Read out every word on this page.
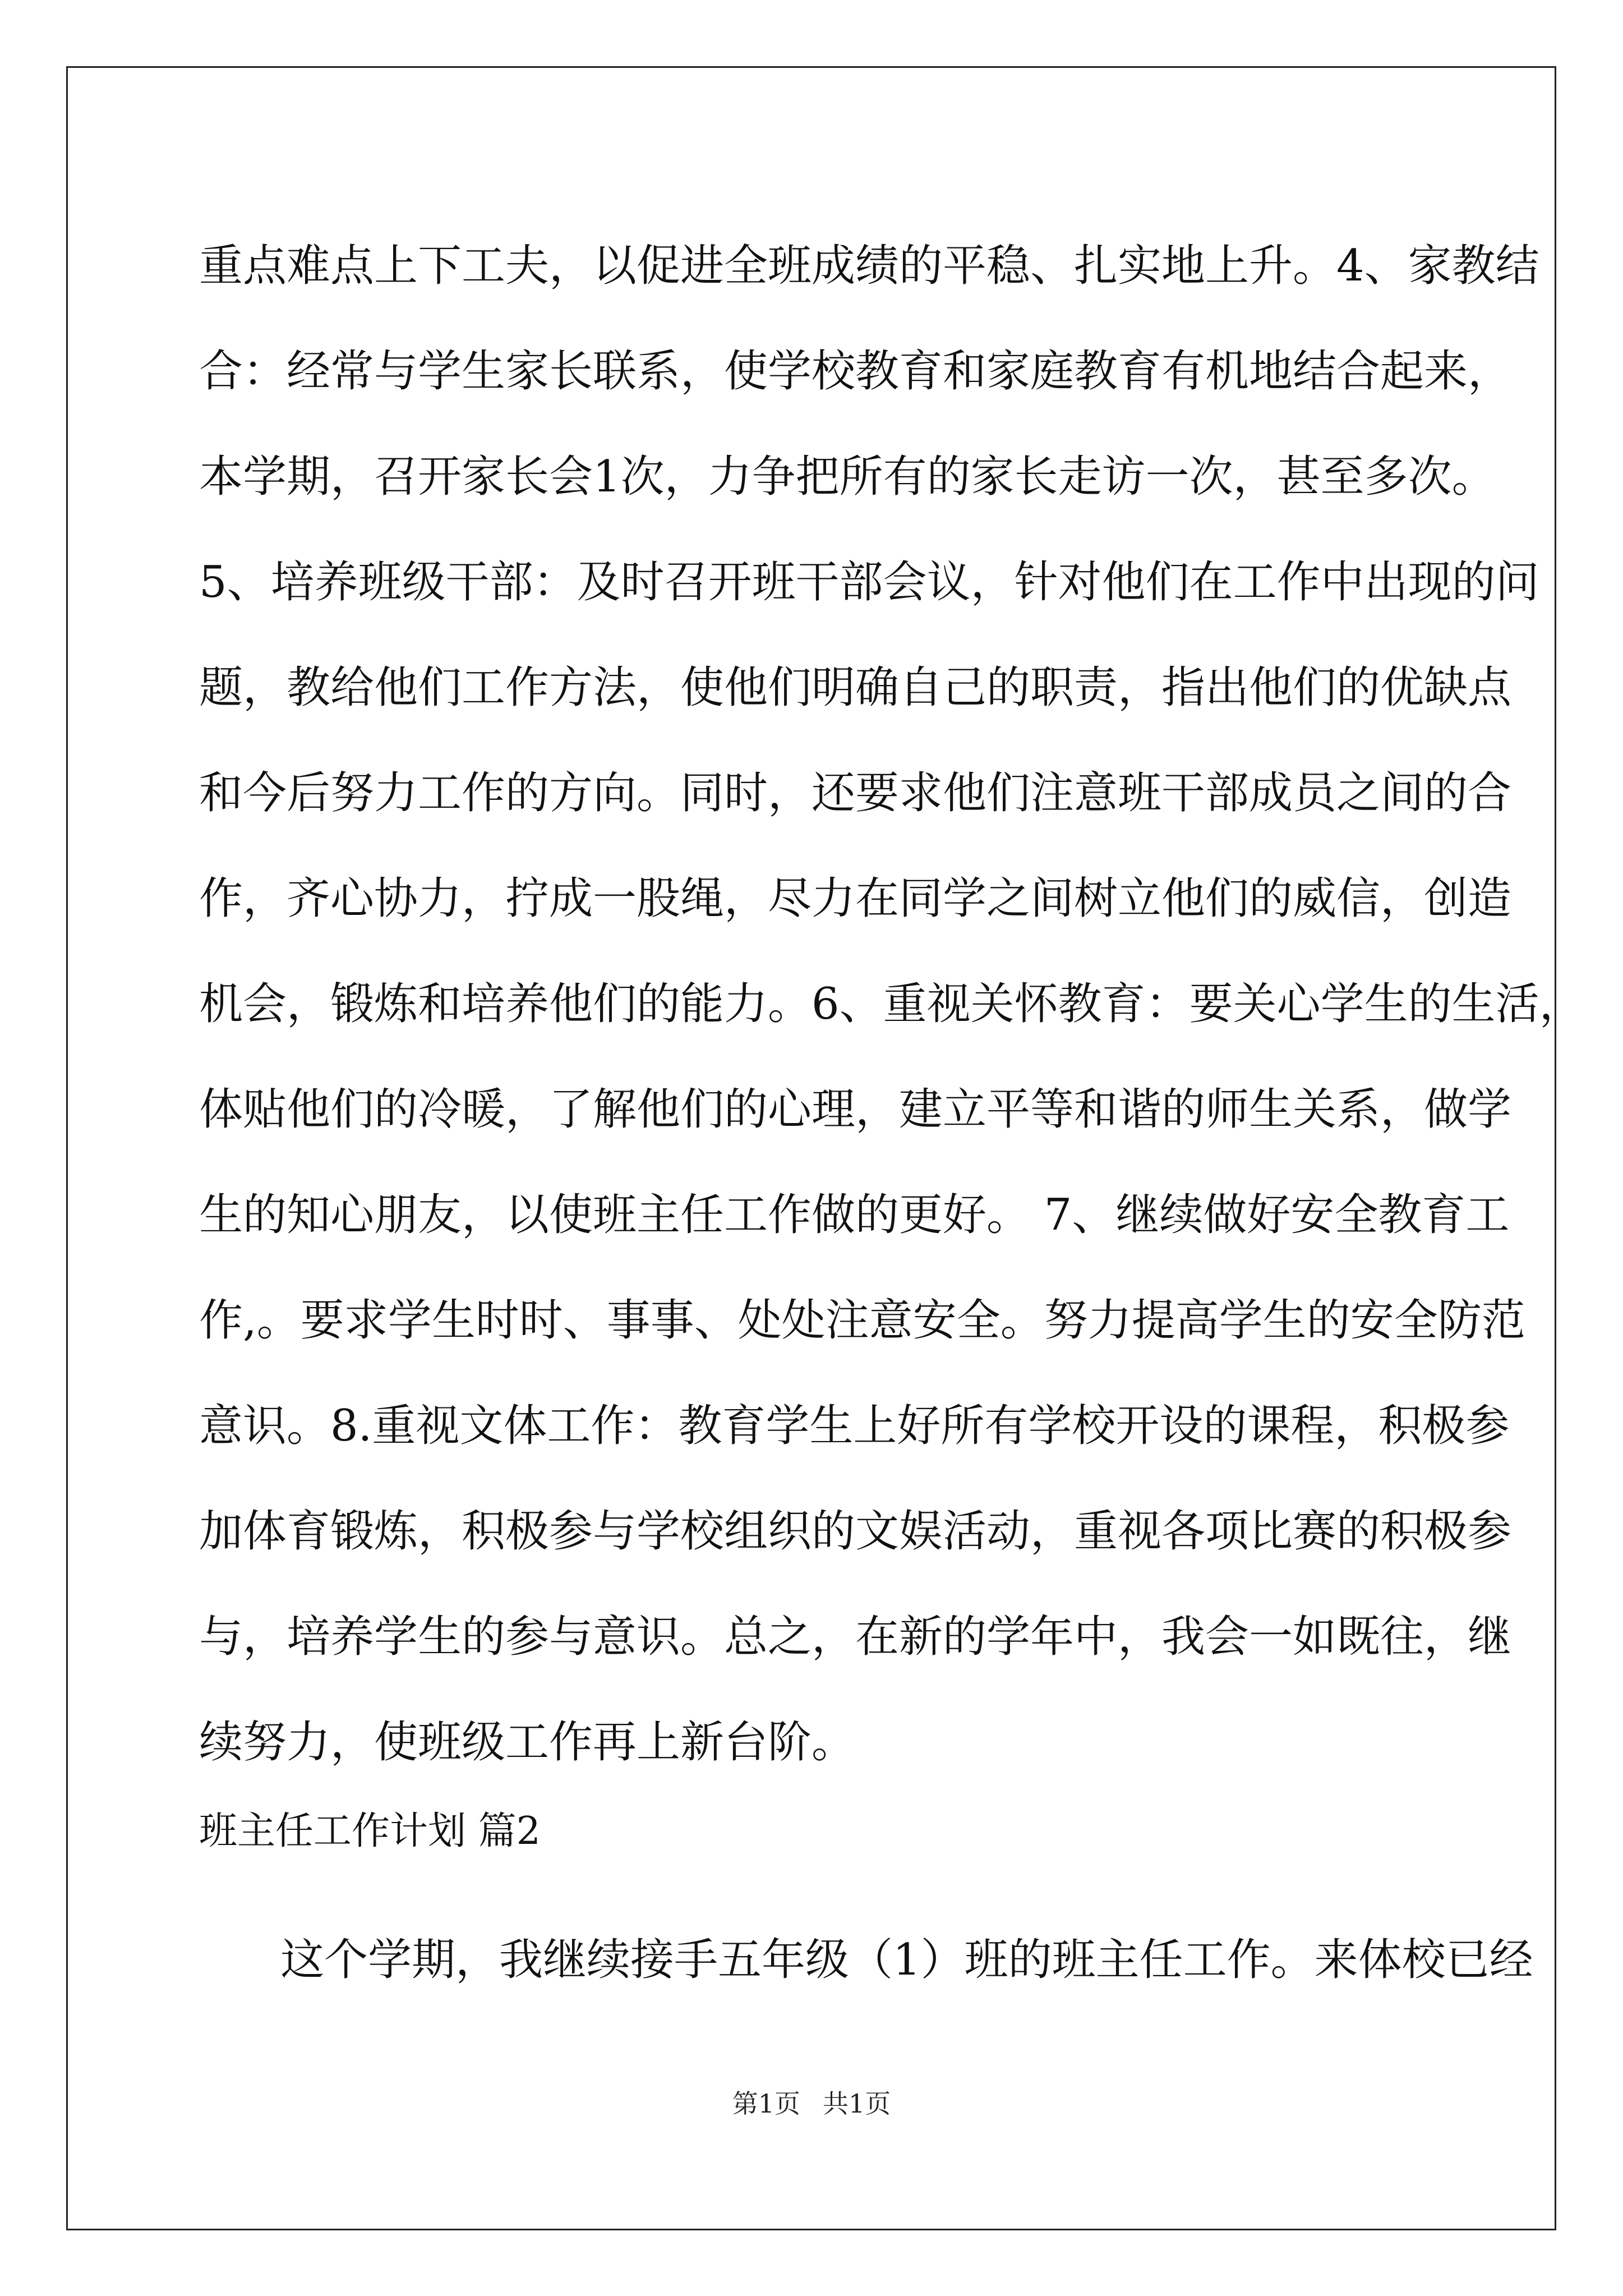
重点难点上下工夫，以促进全班成绩的平稳、扎实地上升。4、家教结
合：经常与学生家长联系，使学校教育和家庭教育有机地结合起来，
本学期，召开家长会1次，力争把所有的家长走访一次，甚至多次。
5、培养班级干部：及时召开班干部会议，针对他们在工作中出现的问
题，教给他们工作方法，使他们明确自己的职责，指出他们的优缺点
和今后努力工作的方向。同时，还要求他们注意班干部成员之间的合
作，齐心协力，拧成一股绳，尽力在同学之间树立他们的威信，创造
机会，锻炼和培养他们的能力。6、重视关怀教育：要关心学生的生活，
体贴他们的冷暖，了解他们的心理，建立平等和谐的师生关系，做学
生的知心朋友，以使班主任工作做的更好。 7、继续做好安全教育工
作,。要求学生时时、事事、处处注意安全。努力提高学生的安全防范
意识。8.重视文体工作：教育学生上好所有学校开设的课程，积极参
加体育锻炼，积极参与学校组织的文娱活动，重视各项比赛的积极参
与，培养学生的参与意识。总之，在新的学年中，我会一如既往，继
续努力，使班级工作再上新台阶。
班主任工作计划 篇2

这个学期，我继续接手五年级（1）班的班主任工作。来体校已经

第1页 共1页
